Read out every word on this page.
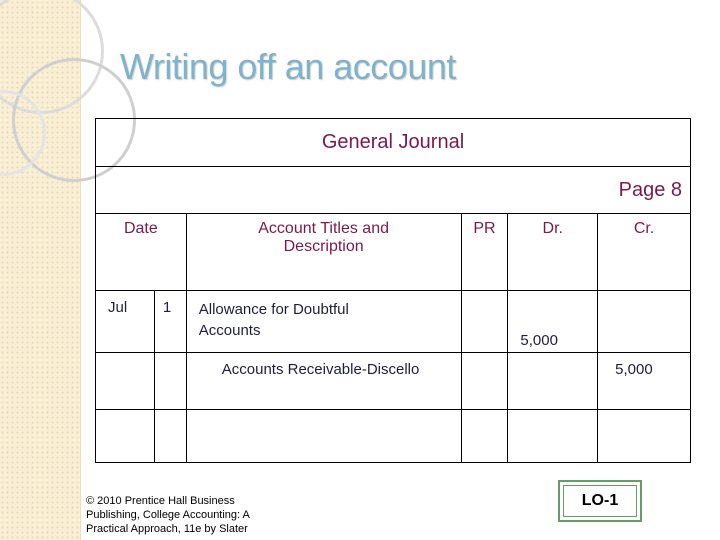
Writing off an account
General Journal					
Page 8					
Date		Account Titles and Description	PR	Dr.	Cr.
Jul	1	Allowance for Doubtful Accounts		5,000	
		Accounts Receivable-Discello			5,000

LO-1

© 2010 Prentice Hall Business Publishing, College Accounting: A Practical Approach, 11e by Slater
